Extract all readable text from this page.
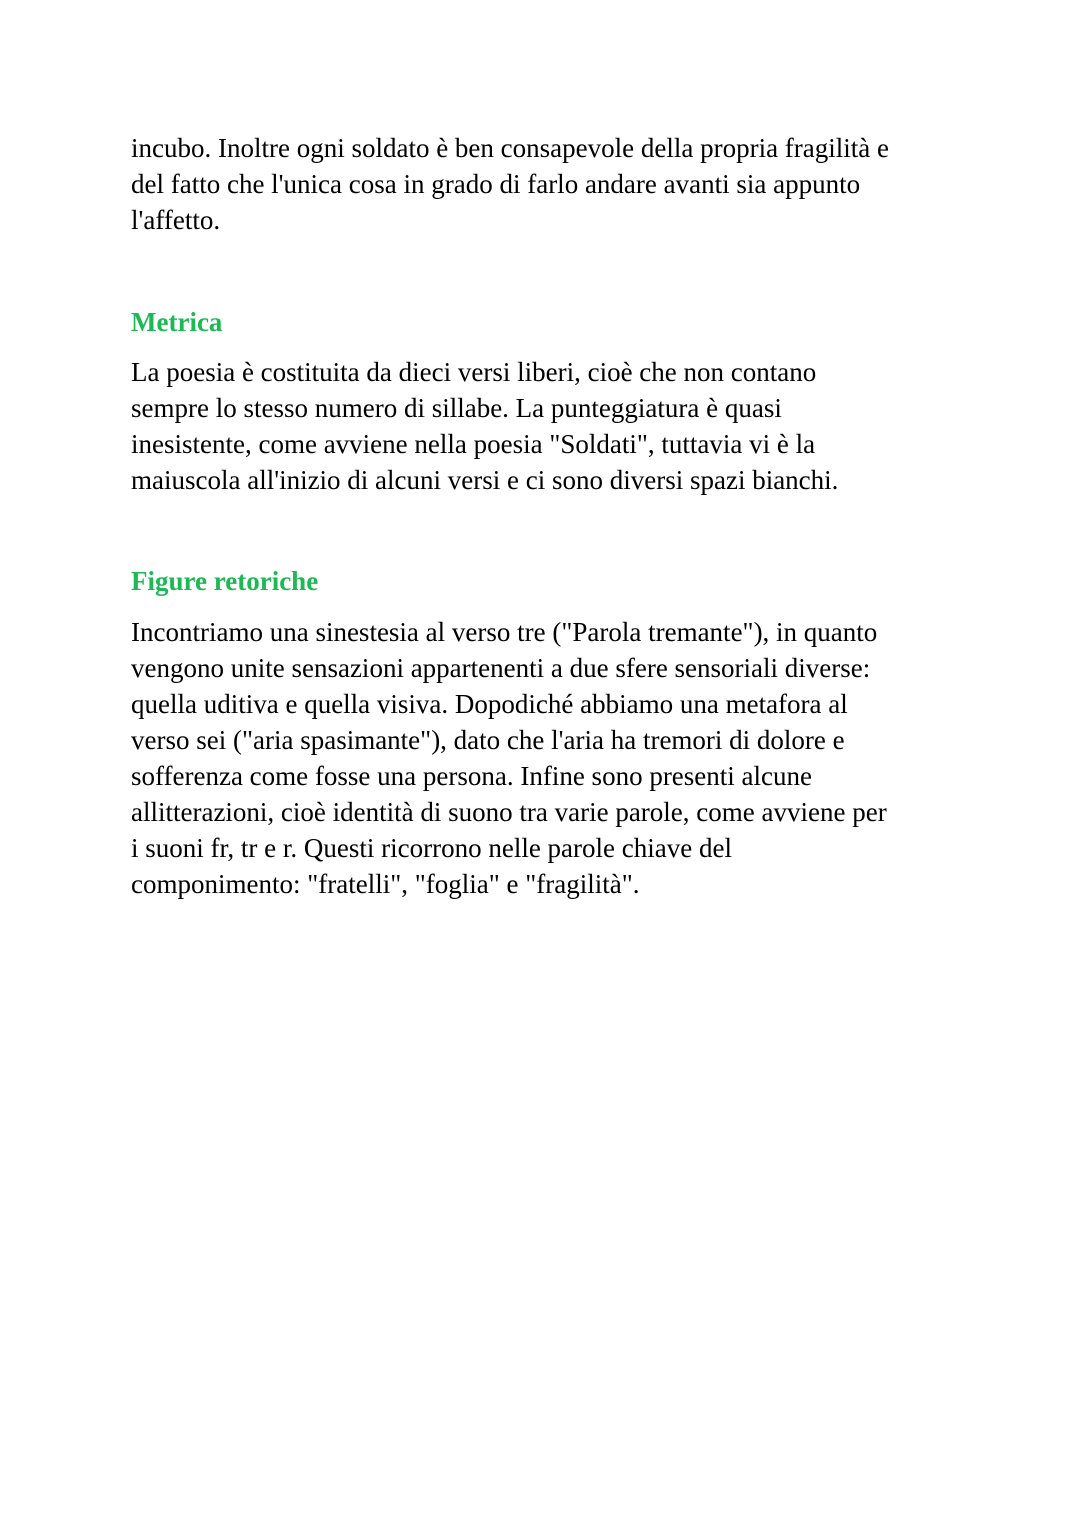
incubo. Inoltre ogni soldato è ben consapevole della propria fragilità e
del fatto che l'unica cosa in grado di farlo andare avanti sia appunto
l'affetto.

Metrica

La poesia è costituita da dieci versi liberi, cioè che non contano
sempre lo stesso numero di sillabe. La punteggiatura è quasi
inesistente, come avviene nella poesia "Soldati", tuttavia vi è la
maiuscola all'inizio di alcuni versi e ci sono diversi spazi bianchi.

Figure retoriche

Incontriamo una sinestesia al verso tre ("Parola tremante"), in quanto
vengono unite sensazioni appartenenti a due sfere sensoriali diverse:
quella uditiva e quella visiva. Dopodiché abbiamo una metafora al
verso sei ("aria spasimante"), dato che l'aria ha tremori di dolore e
sofferenza come fosse una persona. Infine sono presenti alcune
allitterazioni, cioè identità di suono tra varie parole, come avviene per
i suoni fr, tr e r. Questi ricorrono nelle parole chiave del
componimento: "fratelli", "foglia" e "fragilità".
